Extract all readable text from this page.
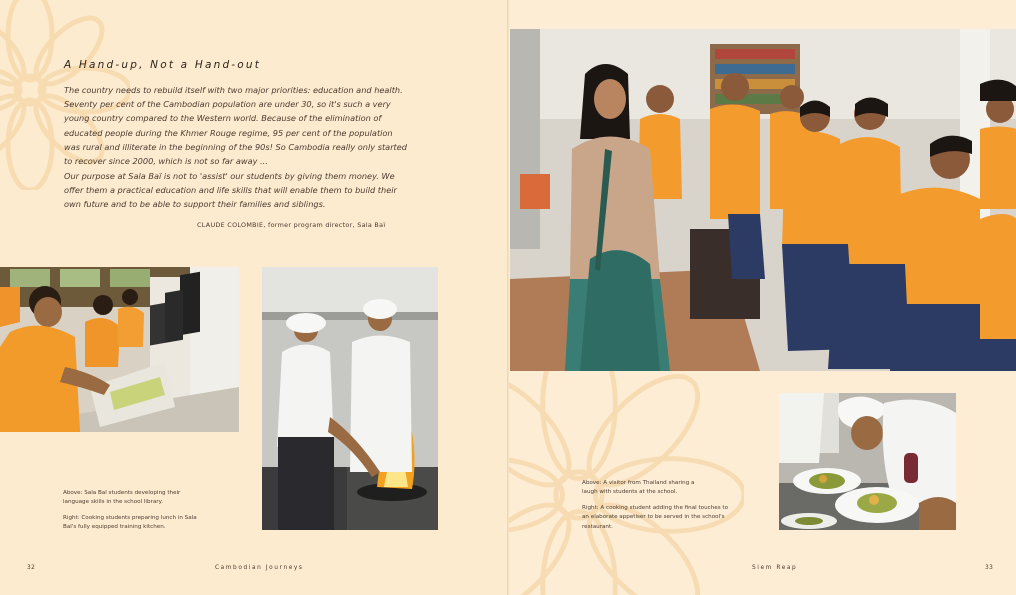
A Hand-up, Not a Hand-out

The country needs to rebuild itself with two major priorities: education and health. Seventy per cent of the Cambodian population are under 30, so it's such a very young country compared to the Western world. Because of the elimination of educated people during the Khmer Rouge regime, 95 per cent of the population was rural and illiterate in the beginning of the 90s! So Cambodia really only started to recover since 2000, which is not so far away ...

Our purpose at Sala Baï is not to 'assist' our students by giving them money. We offer them a practical education and life skills that will enable them to build their own future and to be able to support their families and siblings.

CLAUDE COLOMBIE, former program director, Sala Baï

Above: Sala Baï students developing their language skills in the school library.

Right: Cooking students preparing lunch in Sala Baï's fully equipped training kitchen.

32	Cambodian Journeys

Above: A visitor from Thailand sharing a laugh with students at the school.

Right: A cooking student adding the final touches to an elaborate appetiser to be served in the school's restaurant.

Siem Reap	33
